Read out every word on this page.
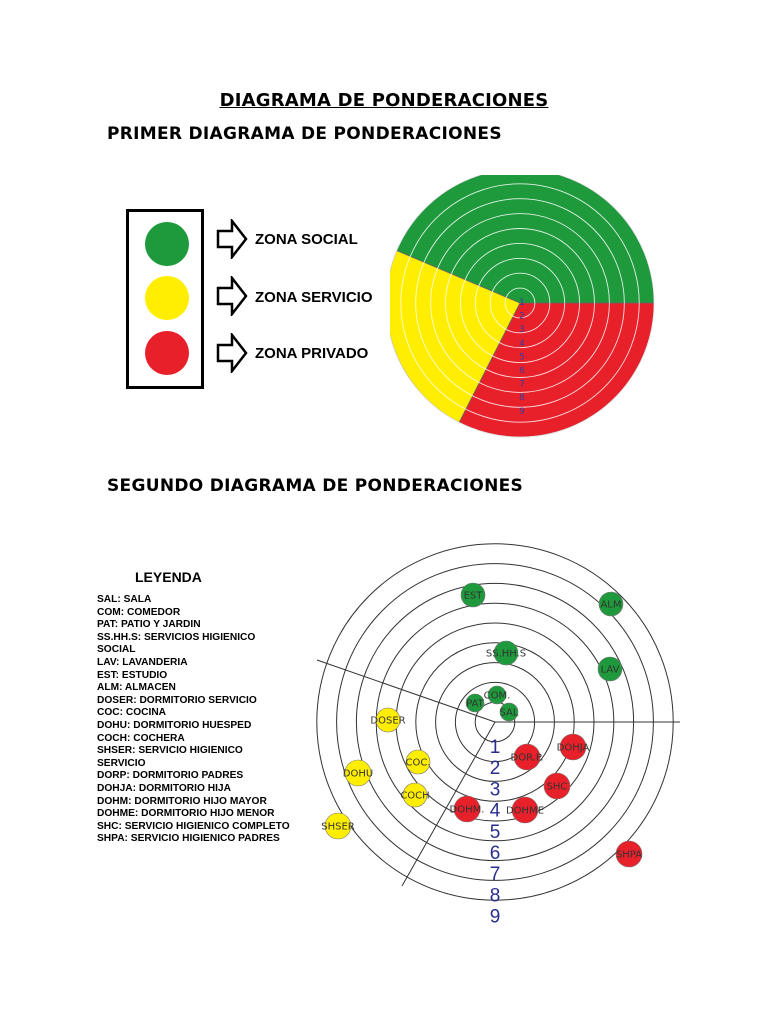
DIAGRAMA DE PONDERACIONES
PRIMER DIAGRAMA DE PONDERACIONES
ZONA SOCIAL
ZONA SERVICIO
ZONA PRIVADO
1
2
3
4
5
6
7
8
9
SEGUNDO DIAGRAMA DE PONDERACIONES
LEYENDA
SAL: SALA
COM: COMEDOR
PAT: PATIO Y JARDIN
SS.HH.S: SERVICIOS HIGIENICO
SOCIAL
LAV: LAVANDERIA
EST: ESTUDIO
ALM: ALMACEN
DOSER: DORMITORIO SERVICIO
COC: COCINA
DOHU: DORMITORIO HUESPED
COCH: COCHERA
SHSER: SERVICIO HIGIENICO
SERVICIO
DORP: DORMITORIO PADRES
DOHJA: DORMITORIO HIJA
DOHM: DORMITORIO HIJO MAYOR
DOHME: DORMITORIO HIJO MENOR
SHC: SERVICIO HIGIENICO COMPLETO
SHPA: SERVICIO HIGIENICO PADRES
1
2
3
4
5
6
7
8
9
EST
ALM
SS.HH.S
LAV
COM.
PAT
SAL
DOSER
COC.
DOHU
COCH
SHSER
DOR.P.
DOHJA
SHC
DOHM. DOHME
SHPA
